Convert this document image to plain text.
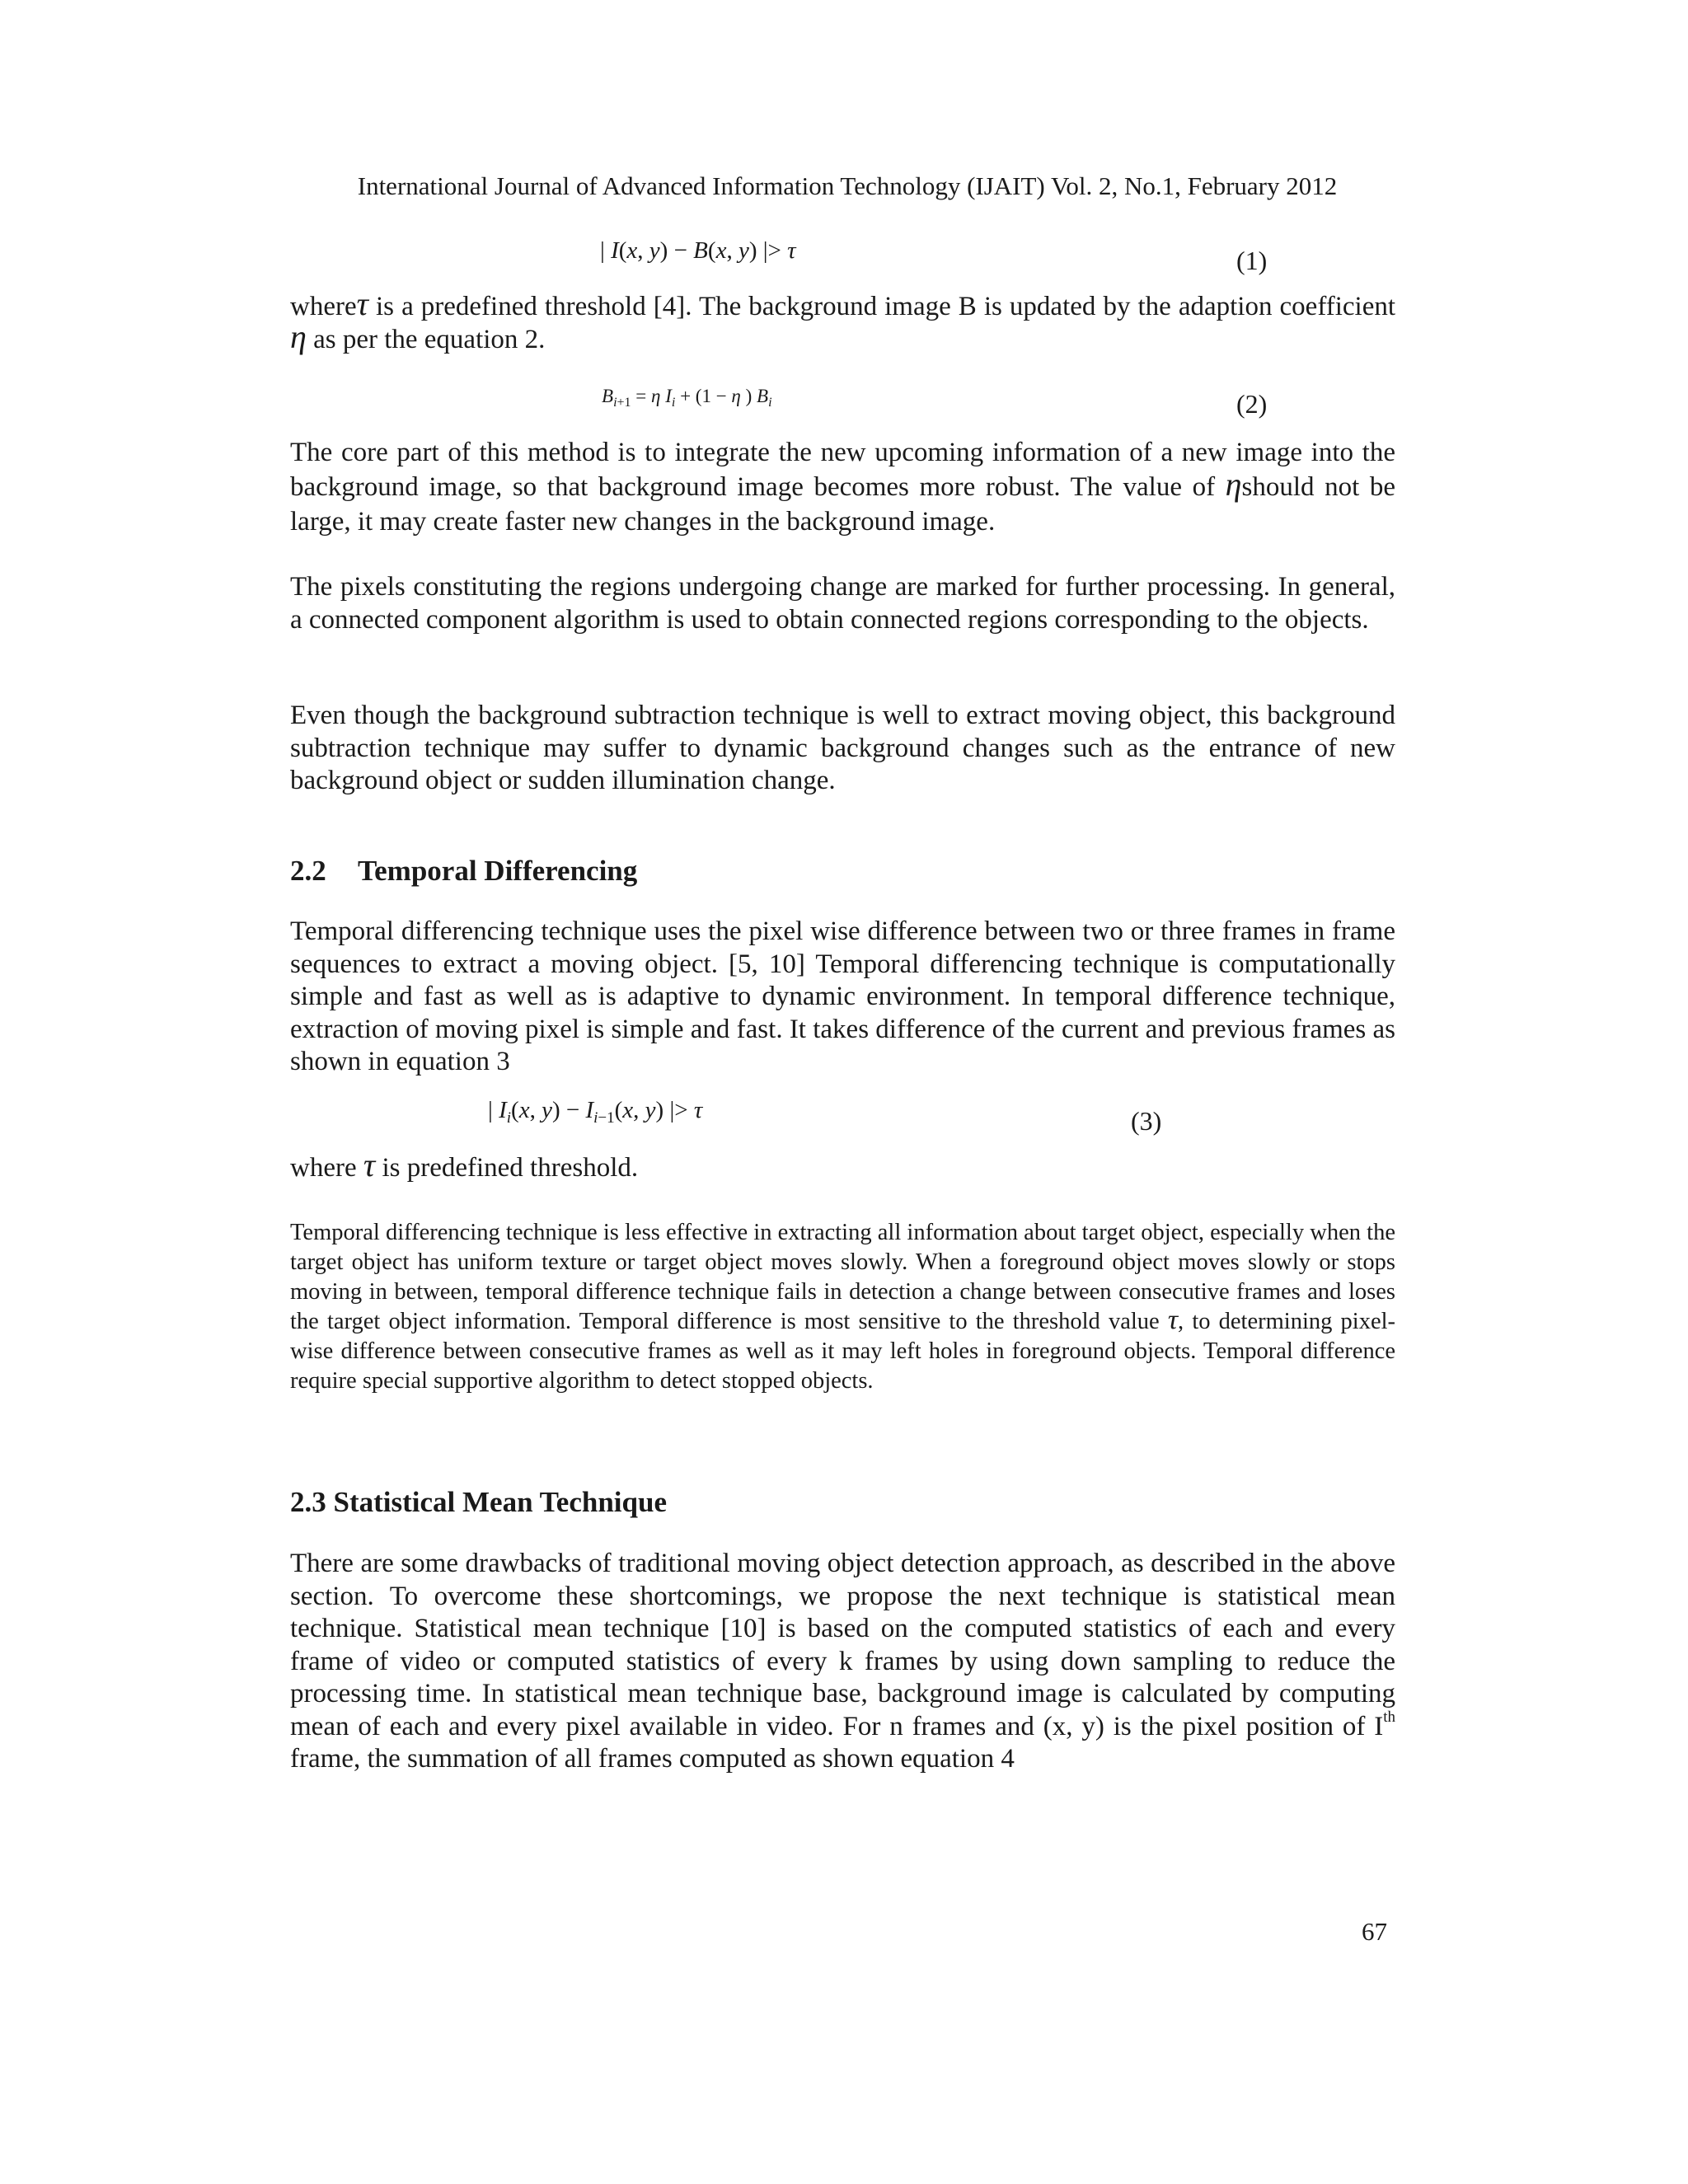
International Journal of Advanced Information Technology (IJAIT) Vol. 2, No.1, February 2012
| I(x, y) − B(x, y) |> τ	(1)
whereτ is a predefined threshold [4]. The background image B is updated by the adaption coefficient η as per the equation 2.
$B_{i+1} = \eta$ $I_i + (1 - \eta$ ) $B_i$	(2)
The core part of this method is to integrate the new upcoming information of a new image into the background image, so that background image becomes more robust. The value of ηshould not be large, it may create faster new changes in the background image.
The pixels constituting the regions undergoing change are marked for further processing. In general, a connected component algorithm is used to obtain connected regions corresponding to the objects.
Even though the background subtraction technique is well to extract moving object, this background subtraction technique may suffer to dynamic background changes such as the entrance of new background object or sudden illumination change.
2.2 Temporal Differencing
Temporal differencing technique uses the pixel wise difference between two or three frames in frame sequences to extract a moving object. [5, 10] Temporal differencing technique is computationally simple and fast as well as is adaptive to dynamic environment. In temporal difference technique, extraction of moving pixel is simple and fast. It takes difference of the current and previous frames as shown in equation 3
| $I_i(x$, $y) - I_{i-1}(x$, y) |> τ	(3)
where τ is predefined threshold.
Temporal differencing technique is less effective in extracting all information about target object, especially when the target object has uniform texture or target object moves slowly. When a foreground object moves slowly or stops moving in between, temporal difference technique fails in detection a change between consecutive frames and loses the target object information. Temporal difference is most sensitive to the threshold value τ, to determining pixel-wise difference between consecutive frames as well as it may left holes in foreground objects. Temporal difference require special supportive algorithm to detect stopped objects.
2.3 Statistical Mean Technique
There are some drawbacks of traditional moving object detection approach, as described in the above section. To overcome these shortcomings, we propose the next technique is statistical mean technique. Statistical mean technique [10] is based on the computed statistics of each and every frame of video or computed statistics of every k frames by using down sampling to reduce the processing time. In statistical mean technique base, background image is calculated by computing mean of each and every pixel available in video. For n frames and (x, y) is the pixel position of Ith frame, the summation of all frames computed as shown equation 4
67
